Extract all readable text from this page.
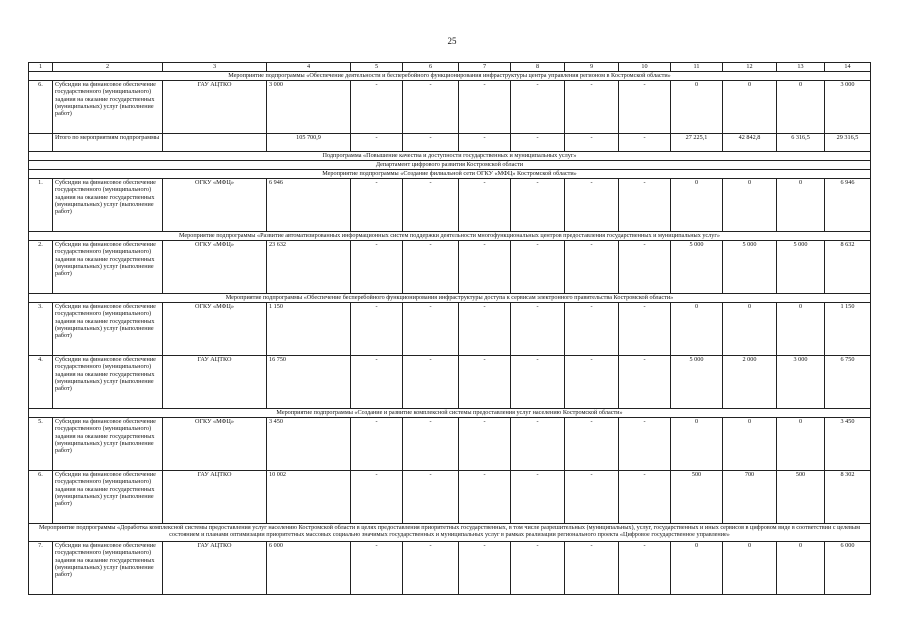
25
1	2	3	4	5	6	7	8	9	10	11	12	13	14
Мероприятие подпрограммы «Обеспечение деятельности и бесперебойного функционирования инфраструктуры центра управления регионом в Костромской области»													
6.	Субсидии на финансовое обеспечение государственного (муниципального) задания на оказание государственных (муниципальных) услуг (выполнение работ)	ГАУ АЦТКО	3 000	-	-	-	-	-	-	0	0	0	3 000
	Итого по мероприятиям подпрограммы		105 700,9	-	-	-	-	-	-	27 225,1	42 842,8	6 316,5	29 316,5
Подпрограмма «Повышение качества и доступности государственных и муниципальных услуг»													
Департамент цифрового развития Костромской области													
Мероприятие подпрограммы «Создание филиальной сети ОГКУ «МФЦ» Костромской области»													
1.	Субсидии на финансовое обеспечение государственного (муниципального) задания на оказание государственных (муниципальных) услуг (выполнение работ)	ОГКУ «МФЦ»	6 946	-	-	-	-	-	-	0	0	0	6 946
Мероприятие подпрограммы «Развитие автоматизированных информационных систем поддержки деятельности многофункциональных центров предоставления государственных и муниципальных услуг»													
2.	Субсидии на финансовое обеспечение государственного (муниципального) задания на оказание государственных (муниципальных) услуг (выполнение работ)	ОГКУ «МФЦ»	23 632	-	-	-	-	-	-	5 000	5 000	5 000	8 632
Мероприятие подпрограммы «Обеспечение бесперебойного функционирования инфраструктуры доступа к сервисам электронного правительства Костромской области»													
3.	Субсидии на финансовое обеспечение государственного (муниципального) задания на оказание государственных (муниципальных) услуг (выполнение работ)	ОГКУ «МФЦ»	1 150	-	-	-	-	-	-	0	0	0	1 150
4.	Субсидии на финансовое обеспечение государственного (муниципального) задания на оказание государственных (муниципальных) услуг (выполнение работ)	ГАУ АЦТКО	16 750	-	-	-	-	-	-	5 000	2 000	3 000	6 750
Мероприятие подпрограммы «Создание и развитие комплексной системы предоставления услуг населению Костромской области»													
5.	Субсидии на финансовое обеспечение государственного (муниципального) задания на оказание государственных (муниципальных) услуг (выполнение работ)	ОГКУ «МФЦ»	3 450	-	-	-	-	-	-	0	0	0	3 450
6.	Субсидии на финансовое обеспечение государственного (муниципального) задания на оказание государственных (муниципальных) услуг (выполнение работ)	ГАУ АЦТКО	10 002	-	-	-	-	-	-	500	700	500	8 302
Мероприятие подпрограммы «Доработка комплексной системы предоставления услуг населению Костромской области в целях предоставления приоритетных государственных, в том числе разрешительных (муниципальных), услуг, государственных и иных сервисов в цифровом виде в соответствии с целевым состоянием и планами оптимизации приоритетных массовых социально значимых государственных и муниципальных услуг в рамках реализации регионального проекта «Цифровое государственное управление»													
7.	Субсидии на финансовое обеспечение государственного (муниципального) задания на оказание государственных (муниципальных) услуг (выполнение работ)	ГАУ АЦТКО	6 000	-	-	-	-	-	-	0	0	0	6 000
